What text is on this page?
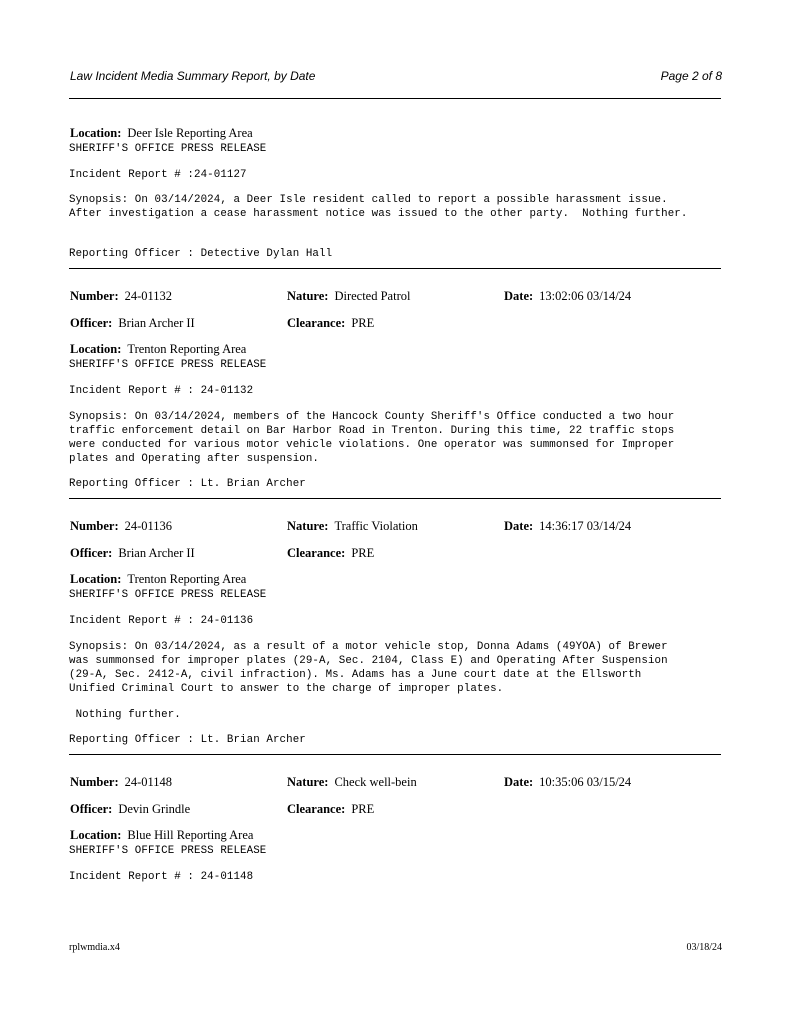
Law Incident Media Summary Report, by Date	Page 2 of 8
Location: Deer Isle Reporting Area
SHERIFF'S OFFICE PRESS RELEASE
Incident Report # :24-01127
Synopsis: On 03/14/2024, a Deer Isle resident called to report a possible harassment issue.
After investigation a cease harassment notice was issued to the other party.  Nothing further.
Reporting Officer : Detective Dylan Hall
Number: 24-01132	Nature: Directed Patrol	Date: 13:02:06 03/14/24
Officer: Brian Archer II	Clearance: PRE
Location: Trenton Reporting Area
SHERIFF'S OFFICE PRESS RELEASE
Incident Report # : 24-01132
Synopsis: On 03/14/2024, members of the Hancock County Sheriff's Office conducted a two hour
traffic enforcement detail on Bar Harbor Road in Trenton. During this time, 22 traffic stops
were conducted for various motor vehicle violations. One operator was summonsed for Improper
plates and Operating after suspension.
Reporting Officer : Lt. Brian Archer
Number: 24-01136	Nature: Traffic Violation	Date: 14:36:17 03/14/24
Officer: Brian Archer II	Clearance: PRE
Location: Trenton Reporting Area
SHERIFF'S OFFICE PRESS RELEASE
Incident Report # : 24-01136
Synopsis: On 03/14/2024, as a result of a motor vehicle stop, Donna Adams (49YOA) of Brewer
was summonsed for improper plates (29-A, Sec. 2104, Class E) and Operating After Suspension
(29-A, Sec. 2412-A, civil infraction). Ms. Adams has a June court date at the Ellsworth
Unified Criminal Court to answer to the charge of improper plates.
Nothing further.
Reporting Officer : Lt. Brian Archer
Number: 24-01148	Nature: Check well-bein	Date: 10:35:06 03/15/24
Officer: Devin Grindle	Clearance: PRE
Location: Blue Hill Reporting Area
SHERIFF'S OFFICE PRESS RELEASE
Incident Report # : 24-01148
rplwmdia.x4	03/18/24
